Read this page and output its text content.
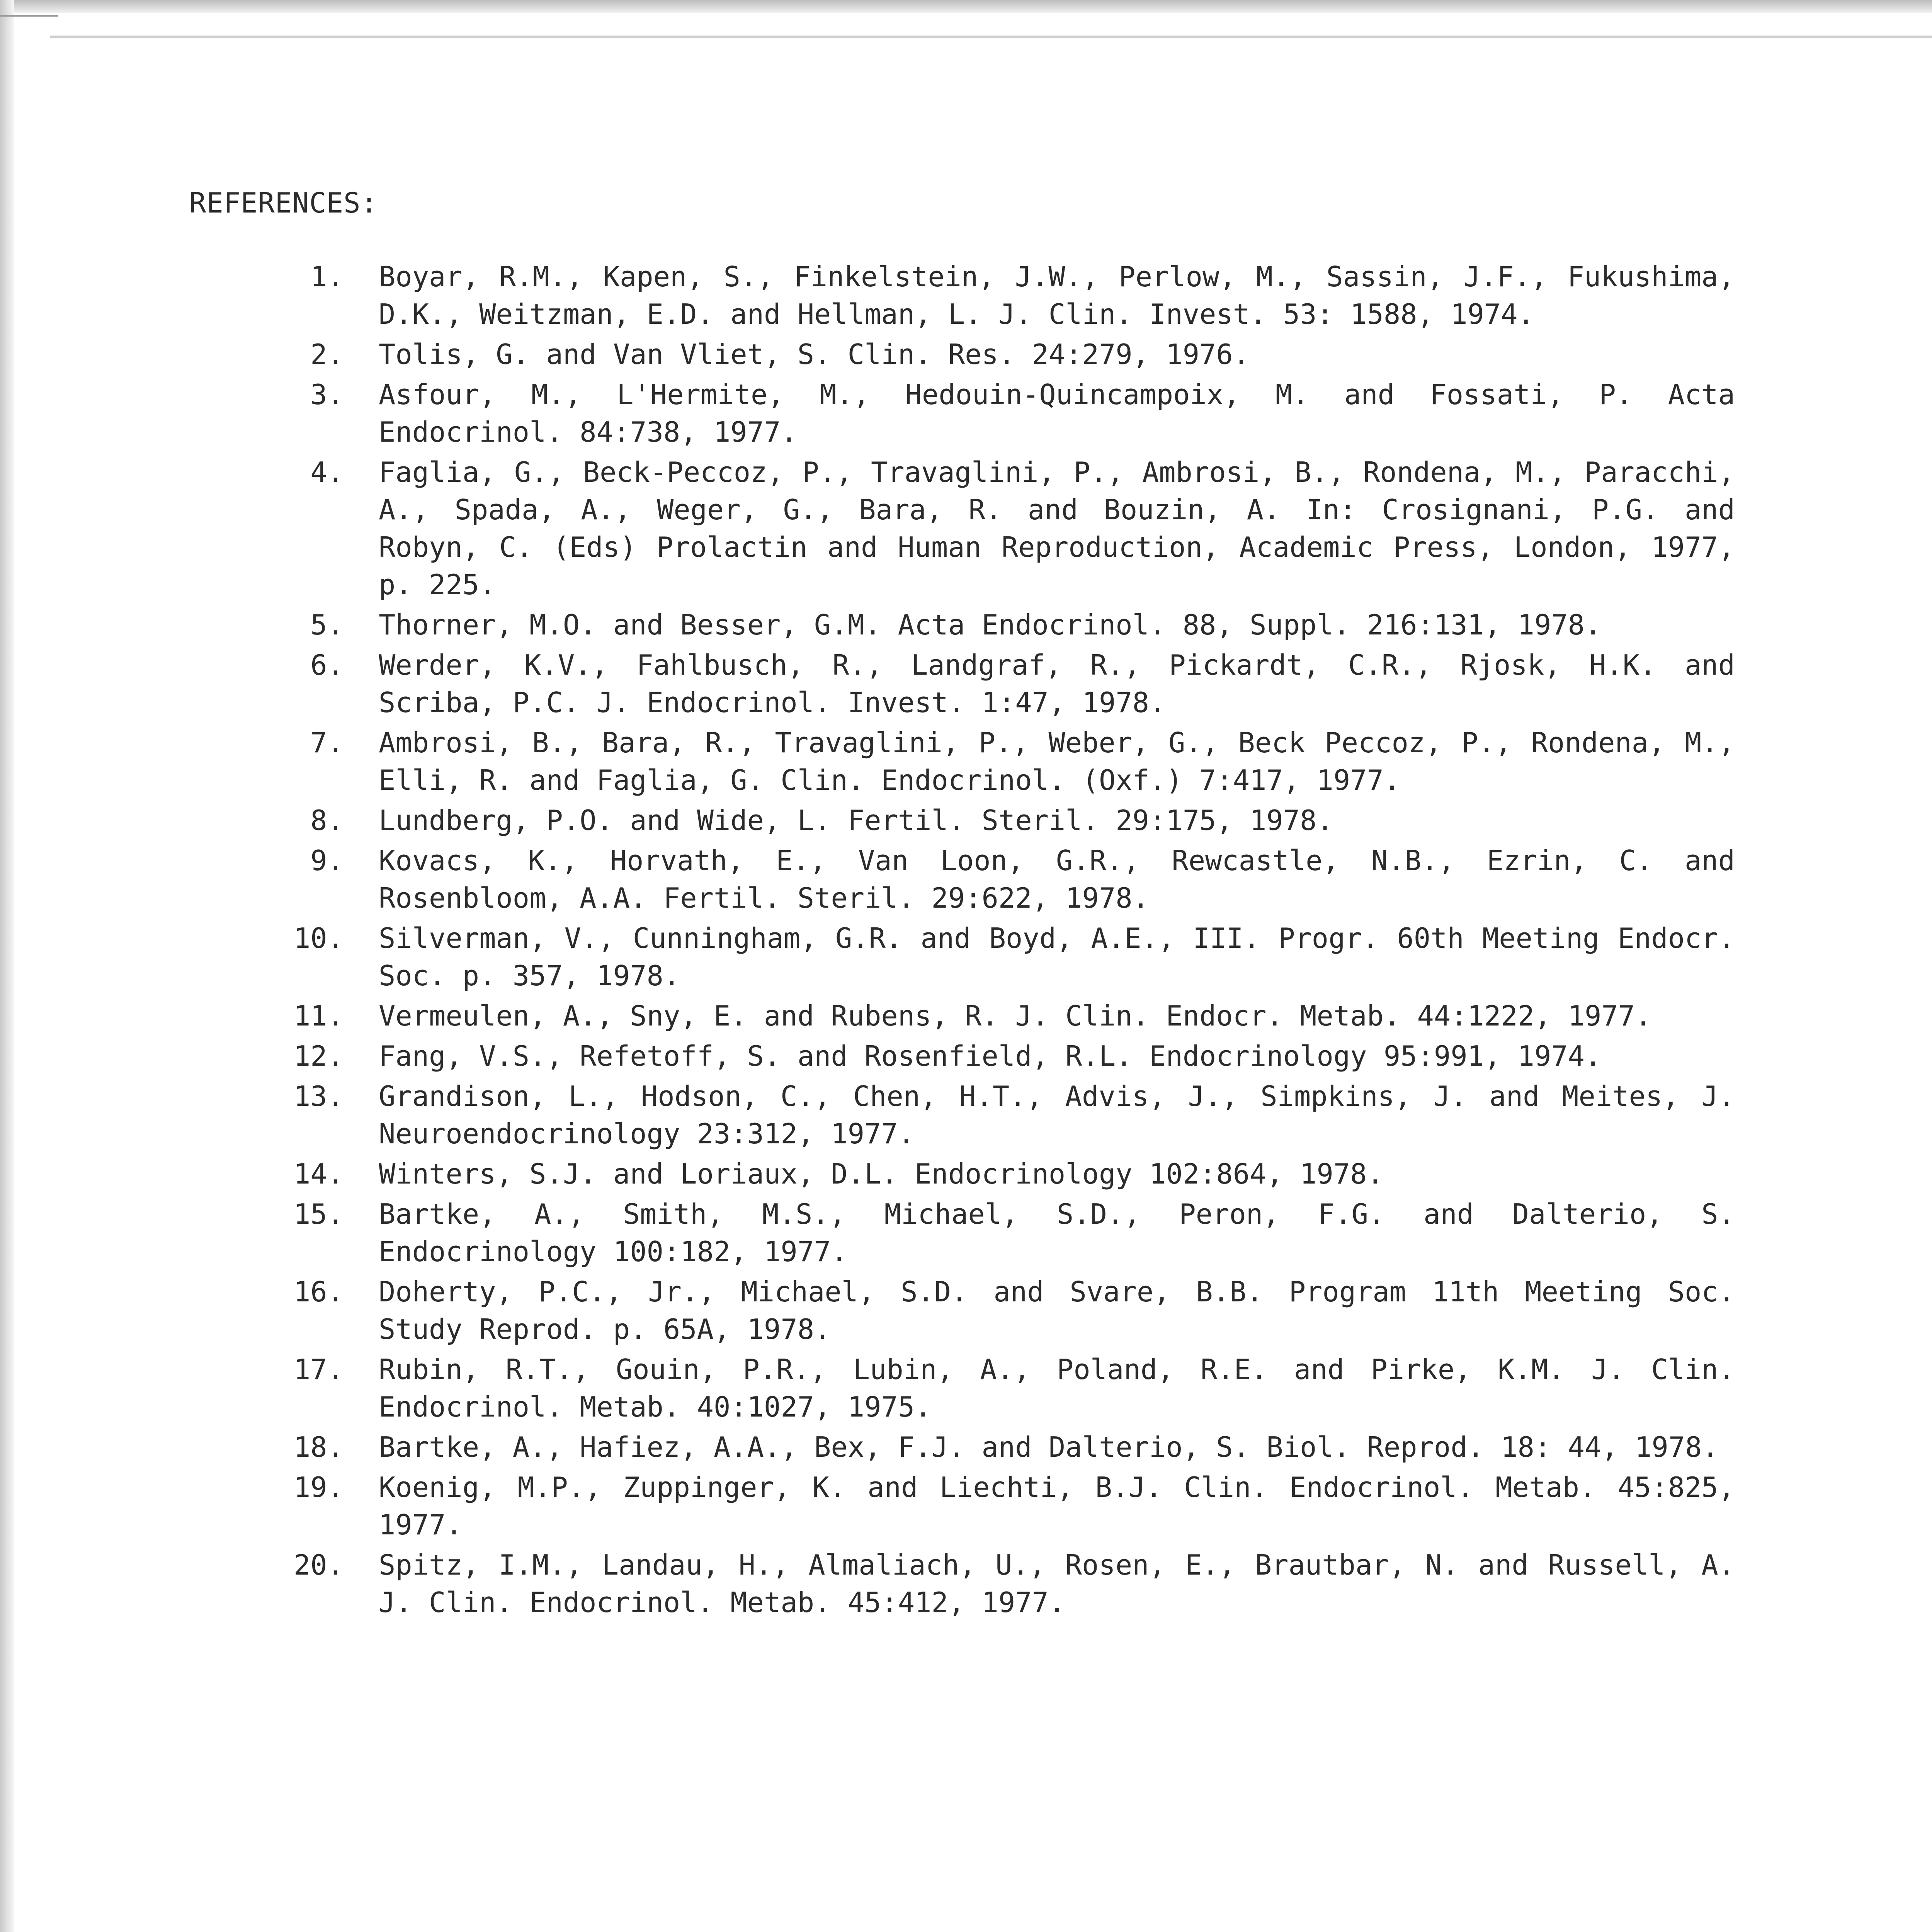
REFERENCES:
1. Boyar, R.M., Kapen, S., Finkelstein, J.W., Perlow, M., Sassin, J.F., Fukushima, D.K., Weitzman, E.D. and Hellman, L. J. Clin. Invest. 53: 1588, 1974.
2. Tolis, G. and Van Vliet, S. Clin. Res. 24:279, 1976.
3. Asfour, M., L'Hermite, M., Hedouin-Quincampoix, M. and Fossati, P. Acta Endocrinol. 84:738, 1977.
4. Faglia, G., Beck-Peccoz, P., Travaglini, P., Ambrosi, B., Rondena, M., Paracchi, A., Spada, A., Weger, G., Bara, R. and Bouzin, A. In: Crosignani, P.G. and Robyn, C. (Eds) Prolactin and Human Reproduction, Academic Press, London, 1977, p. 225.
5. Thorner, M.O. and Besser, G.M. Acta Endocrinol. 88, Suppl. 216:131, 1978.
6. Werder, K.V., Fahlbusch, R., Landgraf, R., Pickardt, C.R., Rjosk, H.K. and Scriba, P.C. J. Endocrinol. Invest. 1:47, 1978.
7. Ambrosi, B., Bara, R., Travaglini, P., Weber, G., Beck Peccoz, P., Rondena, M., Elli, R. and Faglia, G. Clin. Endocrinol. (Oxf.) 7:417, 1977.
8. Lundberg, P.O. and Wide, L. Fertil. Steril. 29:175, 1978.
9. Kovacs, K., Horvath, E., Van Loon, G.R., Rewcastle, N.B., Ezrin, C. and Rosenbloom, A.A. Fertil. Steril. 29:622, 1978.
10. Silverman, V., Cunningham, G.R. and Boyd, A.E., III. Progr. 60th Meeting Endocr. Soc. p. 357, 1978.
11. Vermeulen, A., Sny, E. and Rubens, R. J. Clin. Endocr. Metab. 44:1222, 1977.
12. Fang, V.S., Refetoff, S. and Rosenfield, R.L. Endocrinology 95:991, 1974.
13. Grandison, L., Hodson, C., Chen, H.T., Advis, J., Simpkins, J. and Meites, J. Neuroendocrinology 23:312, 1977.
14. Winters, S.J. and Loriaux, D.L. Endocrinology 102:864, 1978.
15. Bartke, A., Smith, M.S., Michael, S.D., Peron, F.G. and Dalterio, S. Endocrinology 100:182, 1977.
16. Doherty, P.C., Jr., Michael, S.D. and Svare, B.B. Program 11th Meeting Soc. Study Reprod. p. 65A, 1978.
17. Rubin, R.T., Gouin, P.R., Lubin, A., Poland, R.E. and Pirke, K.M. J. Clin. Endocrinol. Metab. 40:1027, 1975.
18. Bartke, A., Hafiez, A.A., Bex, F.J. and Dalterio, S. Biol. Reprod. 18: 44, 1978.
19. Koenig, M.P., Zuppinger, K. and Liechti, B.J. Clin. Endocrinol. Metab. 45:825, 1977.
20. Spitz, I.M., Landau, H., Almaliach, U., Rosen, E., Brautbar, N. and Russell, A. J. Clin. Endocrinol. Metab. 45:412, 1977.
